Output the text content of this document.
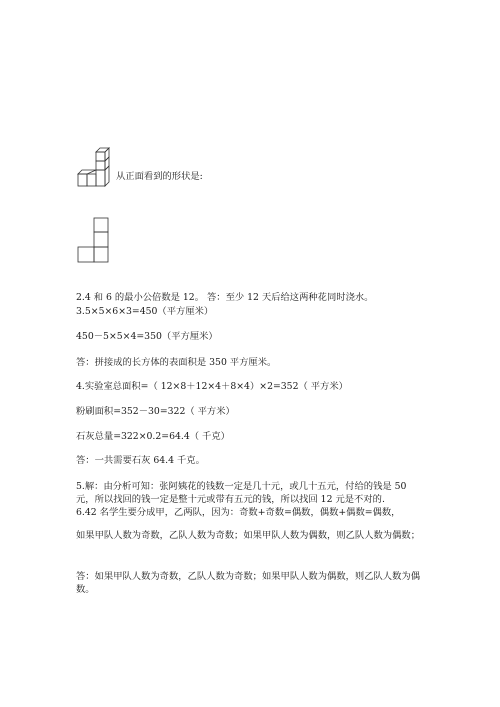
从正面看到的形状是:
2.4 和 6 的最小公倍数是 12。 答：至少 12 天后给这两种花同时浇水。
3.5×5×6×3=450（平方厘米）
450－5×5×4=350（平方厘米）
答：拼接成的长方体的表面积是 350 平方厘米。
4.实验室总面积=（ 12×8＋12×4＋8×4）×2=352（ 平方米）
粉刷面积=352－30=322（ 平方米）
石灰总量=322×0.2=64.4（ 千克）
答：一共需要石灰 64.4 千克。
5.解：由分析可知：张阿姨花的钱数一定是几十元，或几十五元，付给的钱是 50 元，所以找回的钱一定是整十元或带有五元的钱，所以找回 12 元是不对的.
6.42 名学生要分成甲，乙两队，因为：奇数+奇数=偶数，偶数+偶数=偶数，
如果甲队人数为奇数，乙队人数为奇数；如果甲队人数为偶数，则乙队人数为偶数；
答：如果甲队人数为奇数，乙队人数为奇数；如果甲队人数为偶数，则乙队人数为偶数。
